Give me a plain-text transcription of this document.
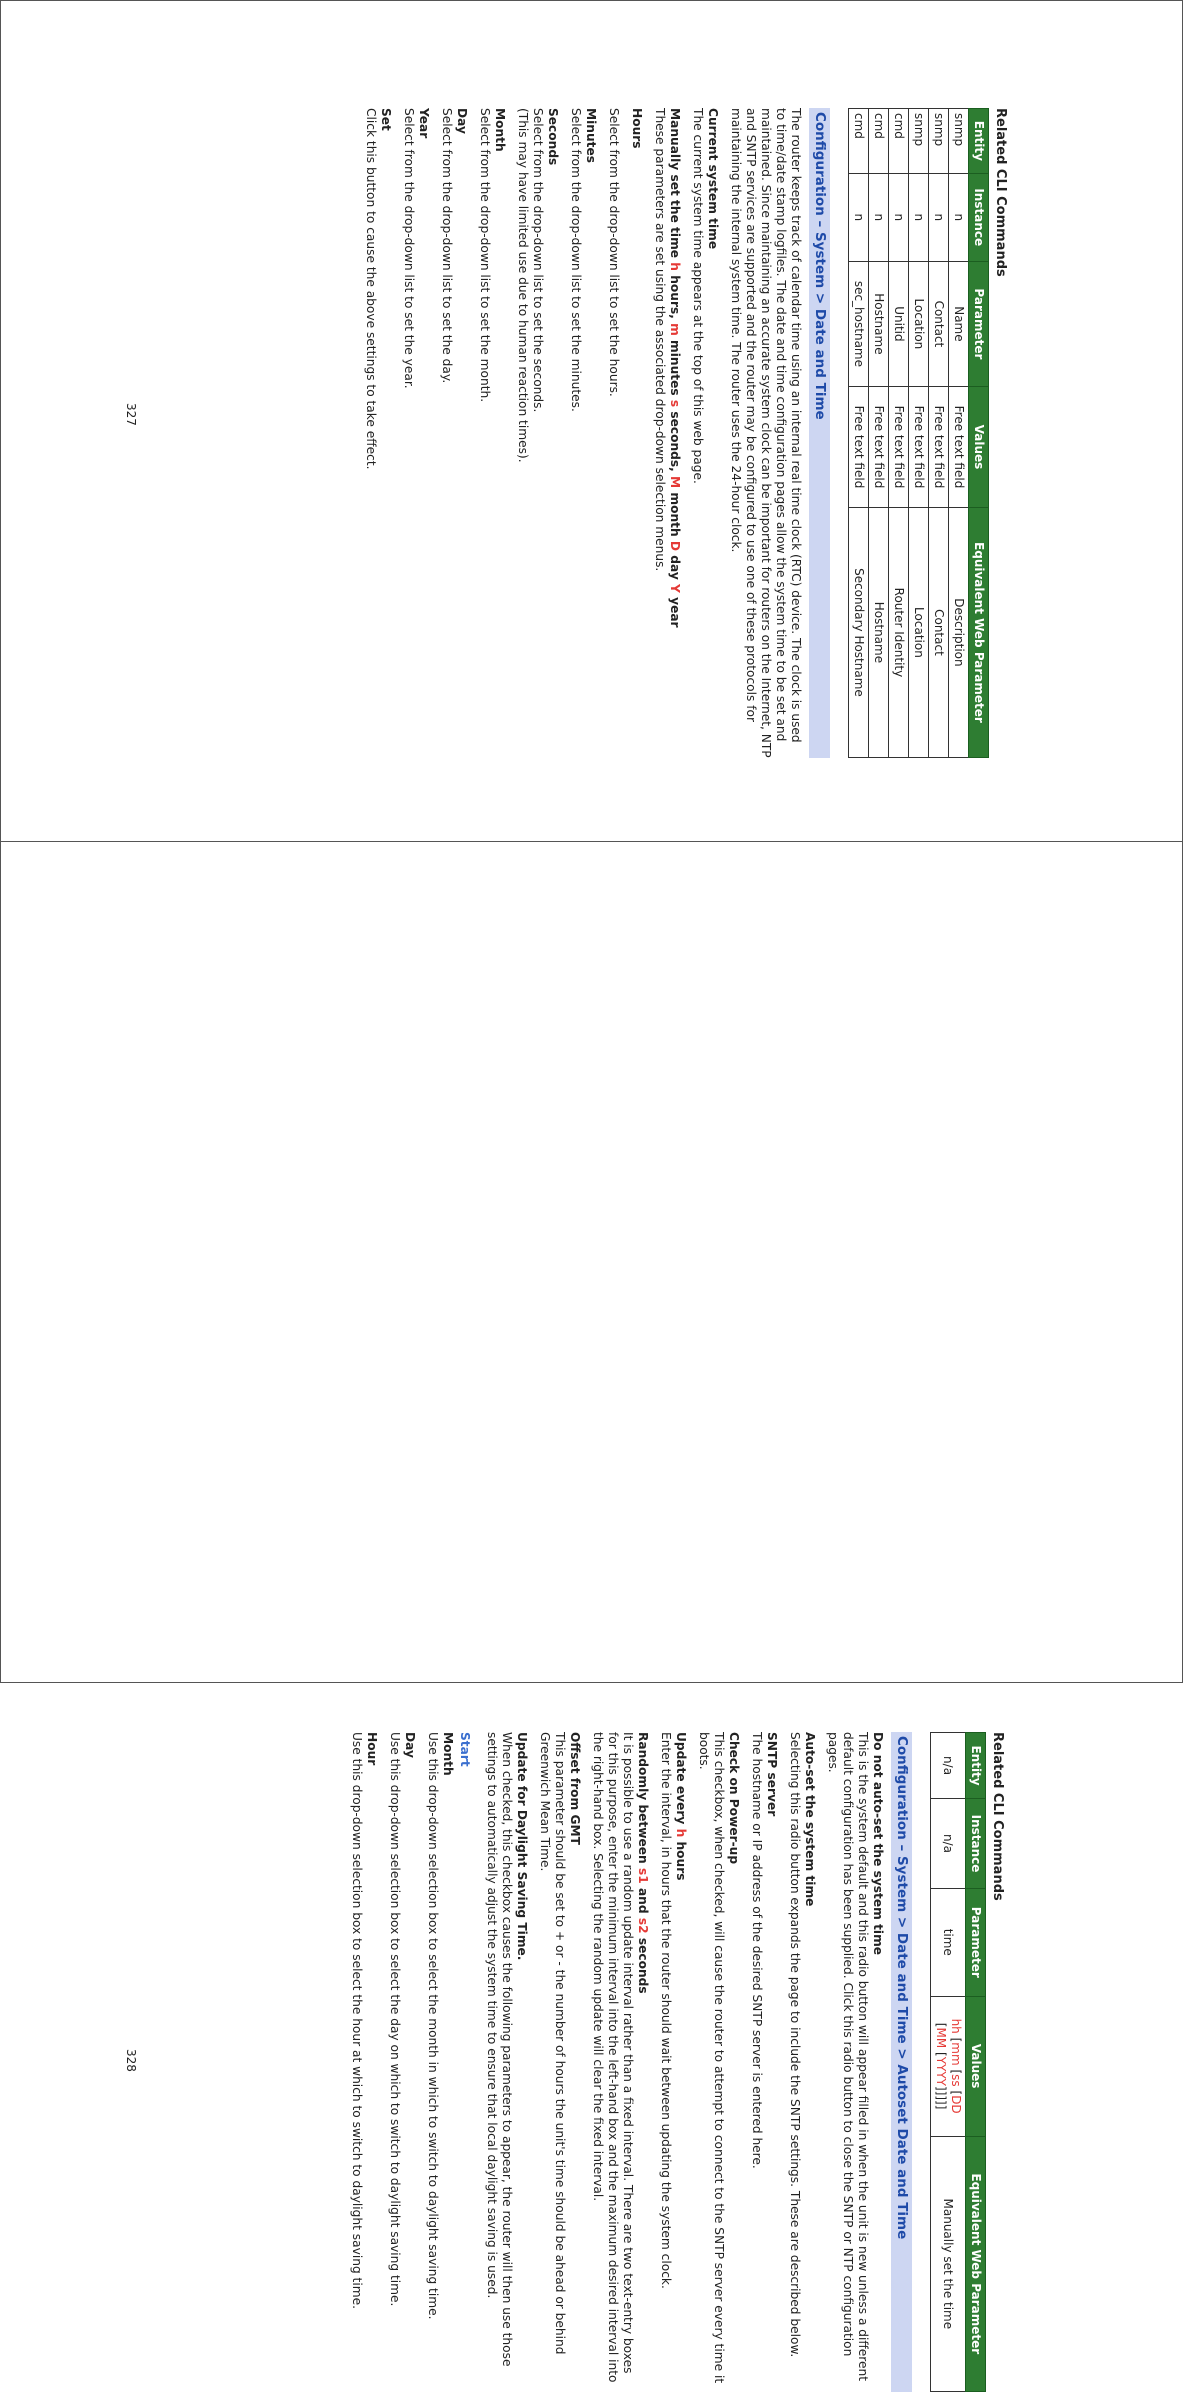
Related CLI Commands
Entity	Instance	Parameter	Values	Equivalent Web Parameter
snmp	n	Name	Free text field	Description
snmp	n	Contact	Free text field	Contact
snmp	n	Location	Free text field	Location
cmd	n	Unitid	Free text field	Router Identity
cmd	n	Hostname	Free text field	Hostname
cmd	n	sec_hostname	Free text field	Secondary Hostname
Configuration – System > Date and Time

The router keeps track of calendar time using an internal real time clock (RTC) device. The clock is used to time/date stamp logfiles. The date and time configuration pages allow the system time to be set and maintained. Since maintaining an accurate system clock can be important for routers on the Internet, NTP and SNTP services are supported and the router may be configured to use one of these protocols for maintaining the internal system time. The router uses the 24-hour clock.

Current system time

The current system time appears at the top of this web page.

Manually set the time h hours, m minutes s seconds, M month D day Y year

These parameters are set using the associated drop-down selection menus.

Hours

Select from the drop-down list to set the hours.

Minutes

Select from the drop-down list to set the minutes.

Seconds
Select from the drop-down list to set the seconds.

(This may have limited use due to human reaction times).

Month

Select from the drop-down list to set the month.

Day

Select from the drop-down list to set the day.

Year

Select from the drop-down list to set the year.

Set

Click this button to cause the above settings to take effect.

327
Related CLI Commands
Entity	Instance	Parameter	Values	Equivalent Web Parameter
n/a	n/a	time	hh [mm [ss [DD
[MM [YYYY]]]]]	Manually set the time
Configuration – System > Date and Time > Autoset Date and Time
Do not auto-set the system time

This is the system default and this radio button will appear filled in when the unit is new unless a different default configuration has been supplied. Click this radio button to close the SNTP or NTP configuration pages.

Auto-set the system time

Selecting this radio button expands the page to include the SNTP settings. These are described below.

SNTP server

The hostname or IP address of the desired SNTP server is entered here.

Check on Power-up

This checkbox, when checked, will cause the router to attempt to connect to the SNTP server every time it boots.

Update every h hours

Enter the interval, in hours that the router should wait between updating the system clock.

Randomly between s1 and s2 seconds

It is possible to use a random update interval rather than a fixed interval. There are two text-entry boxes for this purpose, enter the minimum interval into the left-hand box and the maximum desired interval into the right-hand box. Selecting the random update will clear the fixed interval.

Offset from GMT

This parameter should be set to + or - the number of hours the unit's time should be ahead or behind Greenwich Mean Time.

Update for Daylight Saving Time.

When checked, this checkbox causes the following parameters to appear, the router will then use those settings to automatically adjust the system time to ensure that local daylight saving is used.

Start
Month

Use this drop-down selection box to select the month in which to switch to daylight saving time.

Day

Use this drop-down selection box to select the day on which to switch to daylight saving time.

Hour

Use this drop-down selection box to select the hour at which to switch to daylight saving time.

328
